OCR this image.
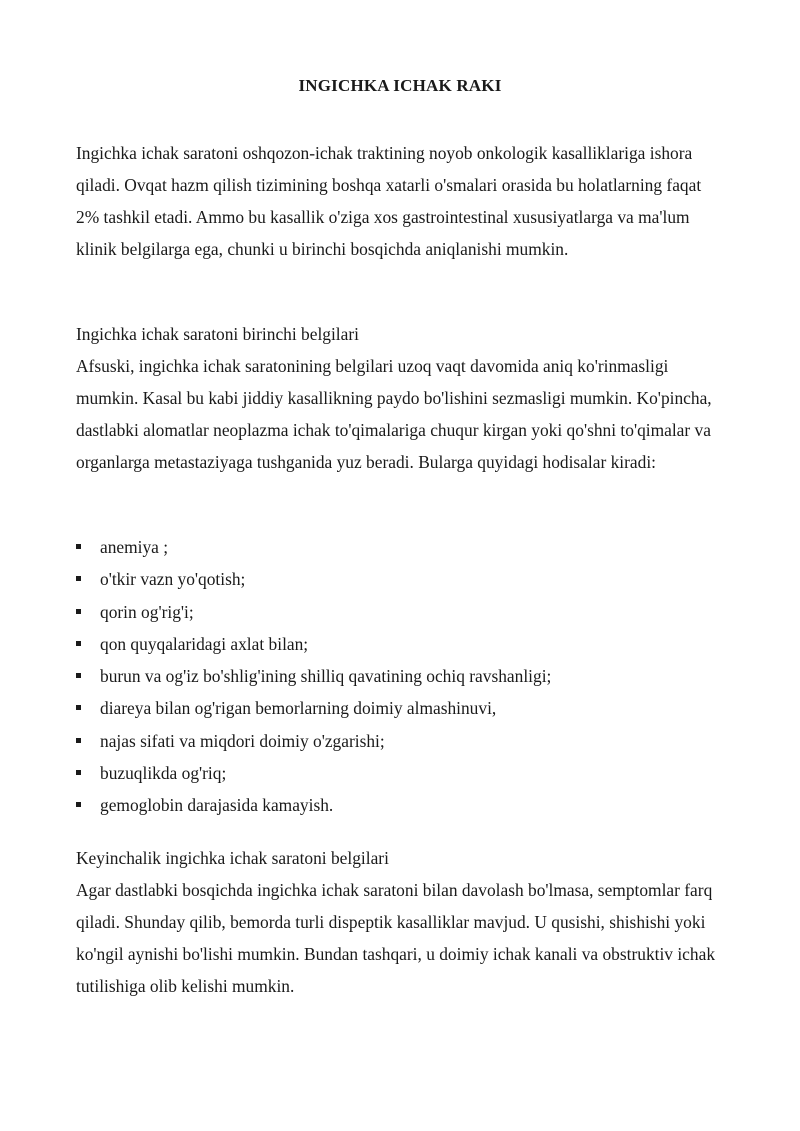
INGICHKA ICHAK RAKI

Ingichka ichak saratoni oshqozon-ichak traktining noyob onkologik kasalliklariga ishora qiladi. Ovqat hazm qilish tizimining boshqa xatarli o'smalari orasida bu holatlarning faqat 2% tashkil etadi. Ammo bu kasallik o'ziga xos gastrointestinal xususiyatlarga va ma'lum klinik belgilarga ega, chunki u birinchi bosqichda aniqlanishi mumkin.

Ingichka ichak saratoni birinchi belgilari

Afsuski, ingichka ichak saratonining belgilari uzoq vaqt davomida aniq ko'rinmasligi mumkin. Kasal bu kabi jiddiy kasallikning paydo bo'lishini sezmasligi mumkin. Ko'pincha, dastlabki alomatlar neoplazma ichak to'qimalariga chuqur kirgan yoki qo'shni to'qimalar va organlarga metastaziyaga tushganida yuz beradi. Bularga quyidagi hodisalar kiradi:

anemiya ;
o'tkir vazn yo'qotish;
qorin og'rig'i;
qon quyqalaridagi axlat bilan;
burun va og'iz bo'shlig'ining shilliq qavatining ochiq ravshanligi;
diareya bilan og'rigan bemorlarning doimiy almashinuvi,
najas sifati va miqdori doimiy o'zgarishi;
buzuqlikda og'riq;
gemoglobin darajasida kamayish.

Keyinchalik ingichka ichak saratoni belgilari

Agar dastlabki bosqichda ingichka ichak saratoni bilan davolash bo'lmasa, semptomlar farq qiladi. Shunday qilib, bemorda turli dispeptik kasalliklar mavjud. U qusishi, shishishi yoki ko'ngil aynishi bo'lishi mumkin. Bundan tashqari, u doimiy ichak kanali va obstruktiv ichak tutilishiga olib kelishi mumkin.
